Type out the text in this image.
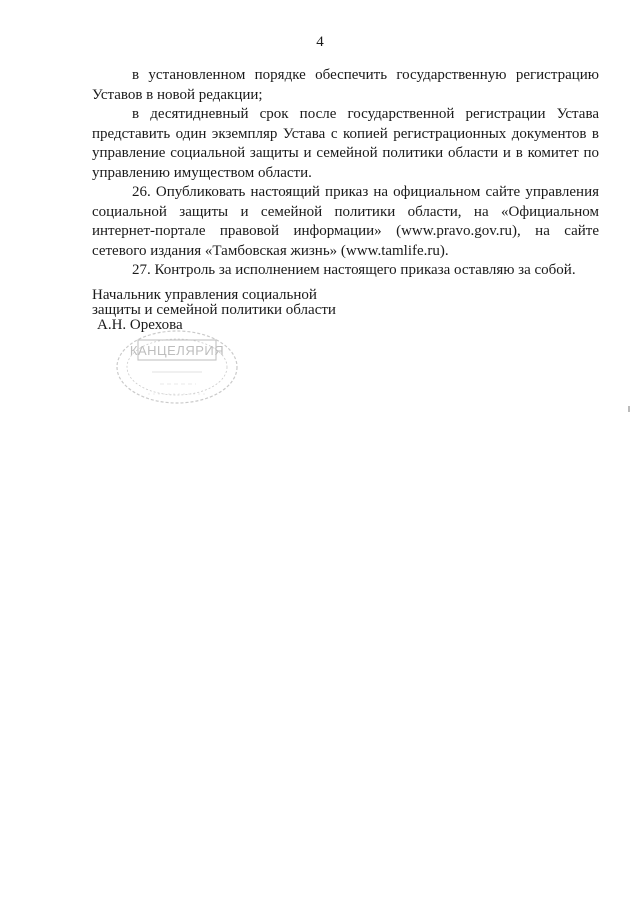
4

в установленном порядке обеспечить государственную регистрацию Уставов в новой редакции;

в десятидневный срок после государственной регистрации Устава представить один экземпляр Устава с копией регистрационных документов в управление социальной защиты и семейной политики области и в комитет по управлению имуществом области.

26. Опубликовать настоящий приказ на официальном сайте управления социальной защиты и семейной политики области, на «Официальном интернет-портале правовой информации» (www.pravo.gov.ru), на сайте сетевого издания «Тамбовская жизнь» (www.tamlife.ru).

27. Контроль за исполнением настоящего приказа оставляю за собой.

Начальник управления социальной
защиты и семейной политики области
А.Н. Орехова
КАНЦЕЛЯРИЯ
